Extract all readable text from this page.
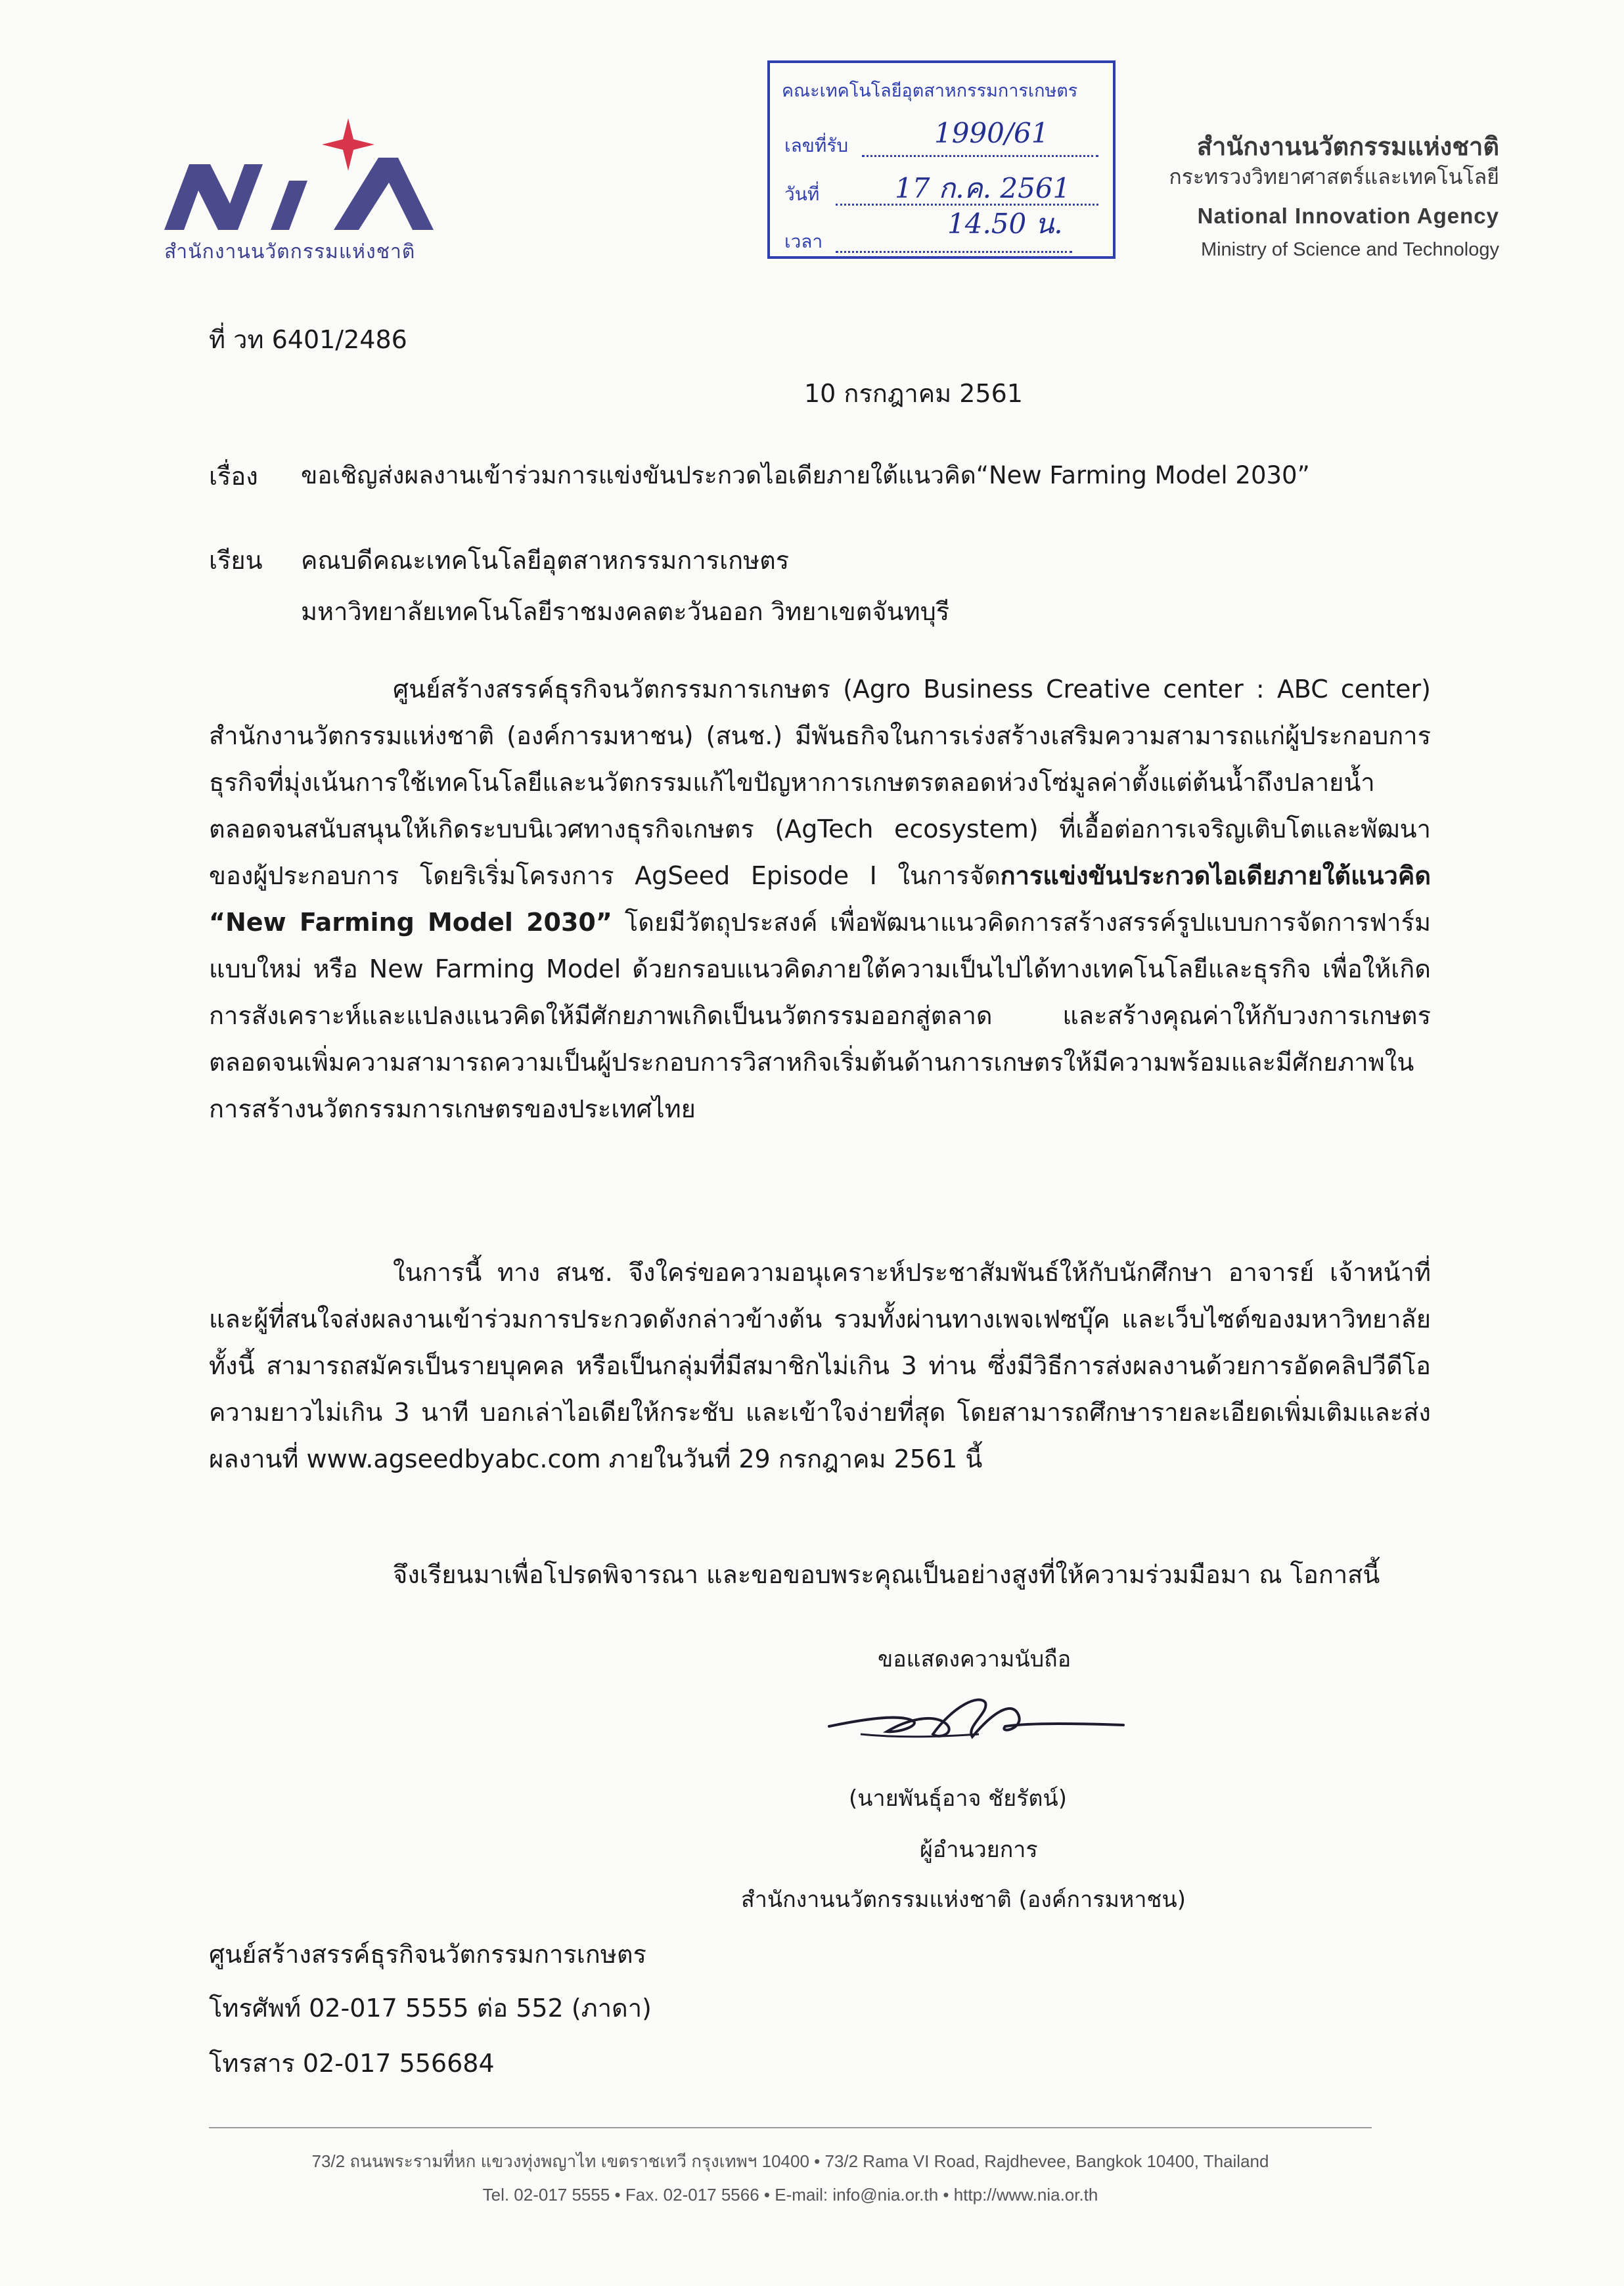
สำนักงานนวัตกรรมแห่งชาติ
คณะเทคโนโลยีอุตสาหกรรมการเกษตร
เลขที่รับ	1990/61
วันที่	17 ก.ค. 2561
เวลา
14.50 น.
สำนักงานนวัตกรรมแห่งชาติ
กระทรวงวิทยาศาสตร์และเทคโนโลยี
National Innovation Agency
Ministry of Science and Technology
ที่ วท 6401/2486
10 กรกฎาคม 2561
เรื่อง ขอเชิญส่งผลงานเข้าร่วมการแข่งขันประกวดไอเดียภายใต้แนวคิด“New Farming Model 2030”
เรียน คณบดีคณะเทคโนโลยีอุตสาหกรรมการเกษตร
มหาวิทยาลัยเทคโนโลยีราชมงคลตะวันออก วิทยาเขตจันทบุรี

ศูนย์สร้างสรรค์ธุรกิจนวัตกรรมการเกษตร (Agro Business Creative center : ABC center) สำนักงานวัตกรรมแห่งชาติ (องค์การมหาชน) (สนช.) มีพันธกิจในการเร่งสร้างเสริมความสามารถแก่ผู้ประกอบการธุรกิจที่มุ่งเน้นการใช้เทคโนโลยีและนวัตกรรมแก้ไขปัญหาการเกษตรตลอดห่วงโซ่มูลค่าตั้งแต่ต้นน้ำถึงปลายน้ำ ตลอดจนสนับสนุนให้เกิดระบบนิเวศทางธุรกิจเกษตร (AgTech ecosystem) ที่เอื้อต่อการเจริญเติบโตและพัฒนาของผู้ประกอบการ โดยริเริ่มโครงการ AgSeed Episode I ในการจัดการแข่งขันประกวดไอเดียภายใต้แนวคิด “New Farming Model 2030” โดยมีวัตถุประสงค์ เพื่อพัฒนาแนวคิดการสร้างสรรค์รูปแบบการจัดการฟาร์มแบบใหม่ หรือ New Farming Model ด้วยกรอบแนวคิดภายใต้ความเป็นไปได้ทางเทคโนโลยีและธุรกิจ เพื่อให้เกิดการสังเคราะห์และแปลงแนวคิดให้มีศักยภาพเกิดเป็นนวัตกรรมออกสู่ตลาด และสร้างคุณค่าให้กับวงการเกษตร ตลอดจนเพิ่มความสามารถความเป็นผู้ประกอบการวิสาหกิจเริ่มต้นด้านการเกษตรให้มีความพร้อมและมีศักยภาพในการสร้างนวัตกรรมการเกษตรของประเทศไทย

ในการนี้ ทาง สนช. จึงใคร่ขอความอนุเคราะห์ประชาสัมพันธ์ให้กับนักศึกษา อาจารย์ เจ้าหน้าที่และผู้ที่สนใจส่งผลงานเข้าร่วมการประกวดดังกล่าวข้างต้น รวมทั้งผ่านทางเพจเฟซบุ๊ค และเว็บไซต์ของมหาวิทยาลัย ทั้งนี้ สามารถสมัครเป็นรายบุคคล หรือเป็นกลุ่มที่มีสมาชิกไม่เกิน 3 ท่าน ซึ่งมีวิธีการส่งผลงานด้วยการอัดคลิปวีดีโอความยาวไม่เกิน 3 นาที บอกเล่าไอเดียให้กระชับ และเข้าใจง่ายที่สุด โดยสามารถศึกษารายละเอียดเพิ่มเติมและส่งผลงานที่ www.agseedbyabc.com ภายในวันที่ 29 กรกฎาคม 2561 นี้

จึงเรียนมาเพื่อโปรดพิจารณา และขอขอบพระคุณเป็นอย่างสูงที่ให้ความร่วมมือมา ณ โอกาสนี้

ขอแสดงความนับถือ
(นายพันธุ์อาจ ชัยรัตน์)
ผู้อำนวยการ
สำนักงานนวัตกรรมแห่งชาติ (องค์การมหาชน)
ศูนย์สร้างสรรค์ธุรกิจนวัตกรรมการเกษตร
โทรศัพท์ 02-017 5555 ต่อ 552 (ภาดา)
โทรสาร 02-017 556684
73/2 ถนนพระรามที่หก แขวงทุ่งพญาไท เขตราชเทวี กรุงเทพฯ 10400 • 73/2 Rama VI Road, Rajdhevee, Bangkok 10400, Thailand
Tel. 02-017 5555 • Fax. 02-017 5566 • E-mail: info@nia.or.th • http://www.nia.or.th
